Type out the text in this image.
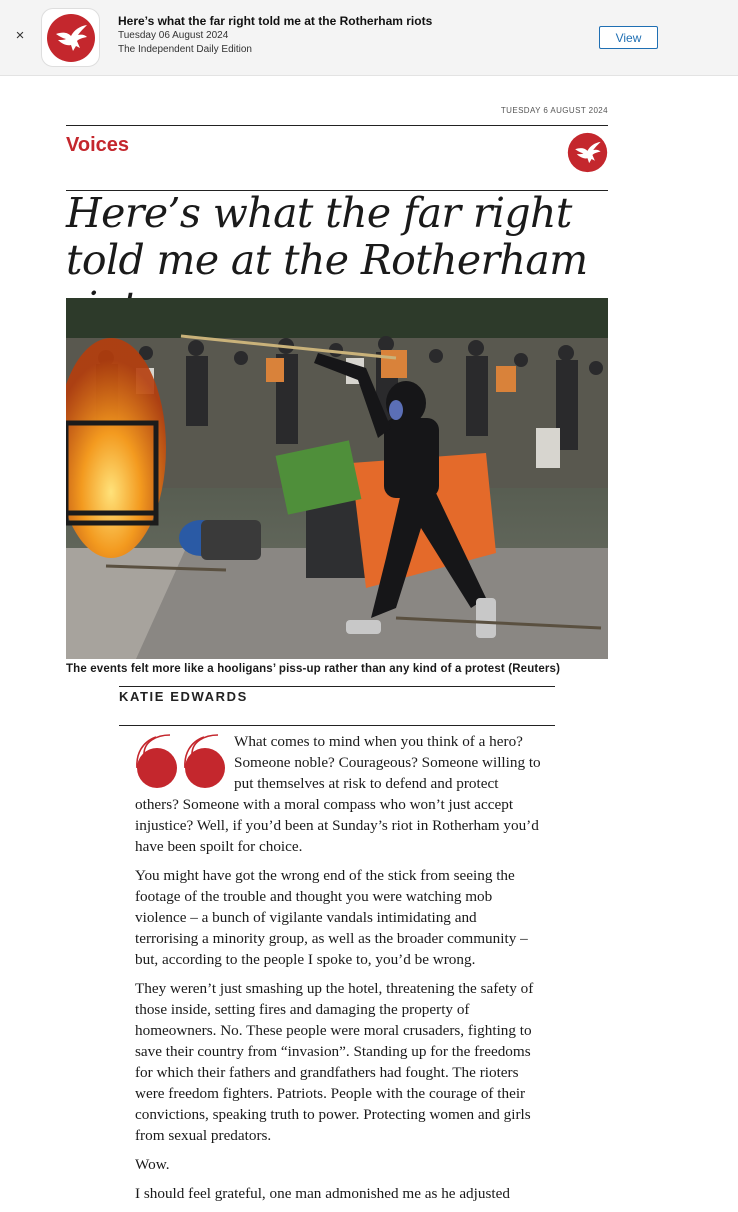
×
Here’s what the far right told me at the Rotherham riots
Tuesday 06 August 2024
The Independent Daily Edition
View
TUESDAY 6 AUGUST 2024
Voices
Here’s what the far right told me at the Rotherham
The events felt more like a hooligans’ piss-up rather than any kind of a protest (Reuters)
KATIE EDWARDS

What comes to mind when you think of a hero? Someone noble? Courageous? Someone willing to put themselves at risk to defend and protect others? Someone with a moral compass who won’t just accept injustice? Well, if you’d been at Sunday’s riot in Rotherham you’d have been spoilt for choice.

You might have got the wrong end of the stick from seeing the footage of the trouble and thought you were watching mob violence – a bunch of vigilante vandals intimidating and terrorising a minority group, as well as the broader community – but, according to the people I spoke to, you’d be wrong.

They weren’t just smashing up the hotel, threatening the safety of those inside, setting fires and damaging the property of homeowners. No. These people were moral crusaders, fighting to save their country from “invasion”. Standing up for the freedoms for which their fathers and grandfathers had fought. The rioters were freedom fighters. Patriots. People with the courage of their convictions, speaking truth to power. Protecting women and girls from sexual predators.

Wow.

I should feel grateful, one man admonished me as he adjusted
